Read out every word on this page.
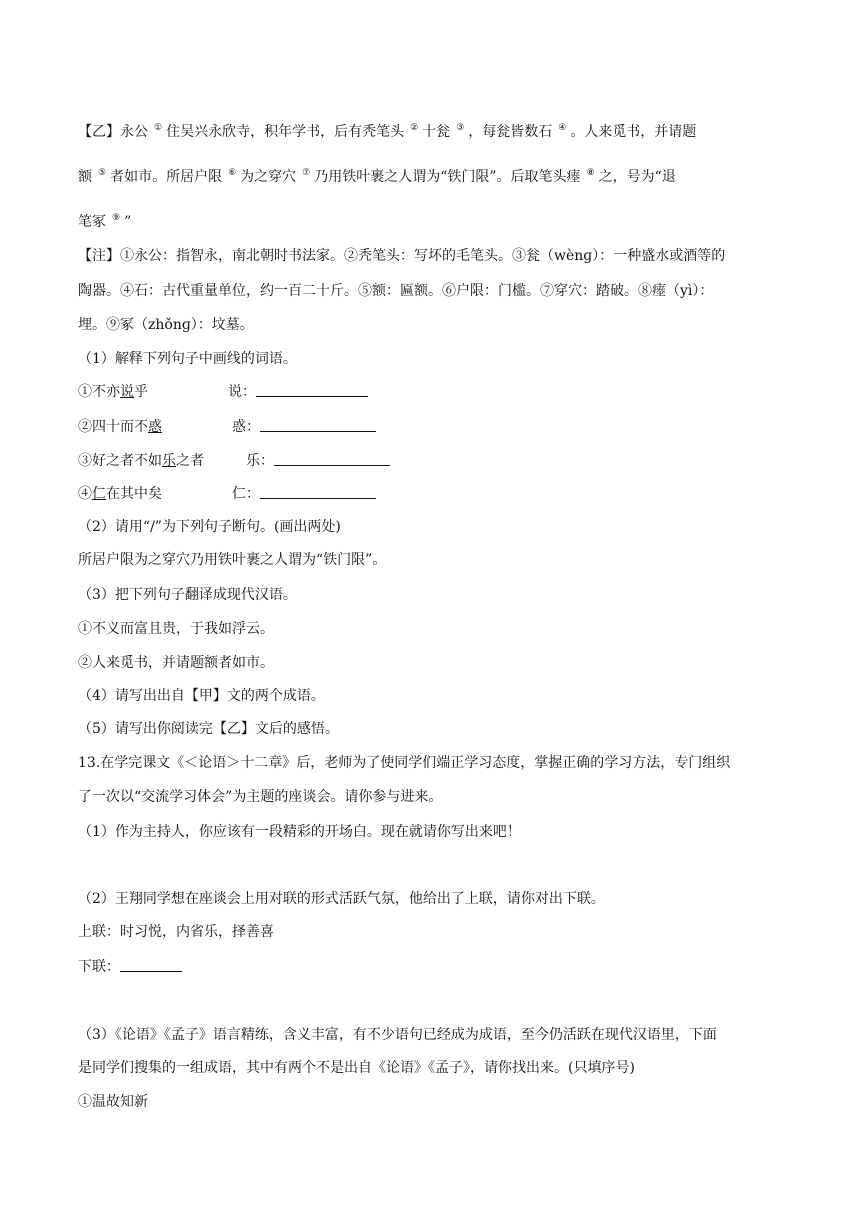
【乙】永公 ① 住吴兴永欣寺，积年学书，后有秃笔头 ② 十瓮 ③ ，每瓮皆数石 ④ 。人来觅书，并请题
额 ⑤ 者如市。所居户限 ⑥ 为之穿穴 ⑦ 乃用铁叶裹之人谓为“铁门限”。后取笔头瘗 ⑧ 之，号为“退
笔冢 ⑨ ”
【注】①永公：指智永，南北朝时书法家。②秃笔头：写坏的毛笔头。③瓮（wènɡ）：一种盛水或酒等的
陶器。④石：古代重量单位，约一百二十斤。⑤额：匾额。⑥户限：门槛。⑦穿穴：踏破。⑧瘗（yì）：
埋。⑨冢（zhǒnɡ）：坟墓。
（1）解释下列句子中画线的词语。
①不亦说乎	说：
②四十而不惑	惑：
③好之者不如乐之者	乐：
④仁在其中矣	仁：
（2）请用“/”为下列句子断句。(画出两处)
所居户限为之穿穴乃用铁叶裹之人谓为“铁门限”。
（3）把下列句子翻译成现代汉语。
①不义而富且贵，于我如浮云。
②人来觅书，并请题额者如市。
（4）请写出出自【甲】文的两个成语。
（5）请写出你阅读完【乙】文后的感悟。
13.在学完课文《＜论语＞十二章》后，老师为了使同学们端正学习态度，掌握正确的学习方法，专门组织
了一次以“交流学习体会”为主题的座谈会。请你参与进来。
（1）作为主持人，你应该有一段精彩的开场白。现在就请你写出来吧！
（2）王翔同学想在座谈会上用对联的形式活跃气氛，他给出了上联，请你对出下联。
上联：时习悦，内省乐，择善喜
下联：
（3）《论语》《孟子》语言精练，含义丰富，有不少语句已经成为成语，至今仍活跃在现代汉语里，下面
是同学们搜集的一组成语，其中有两个不是出自《论语》《孟子》，请你找出来。(只填序号)
①温故知新
